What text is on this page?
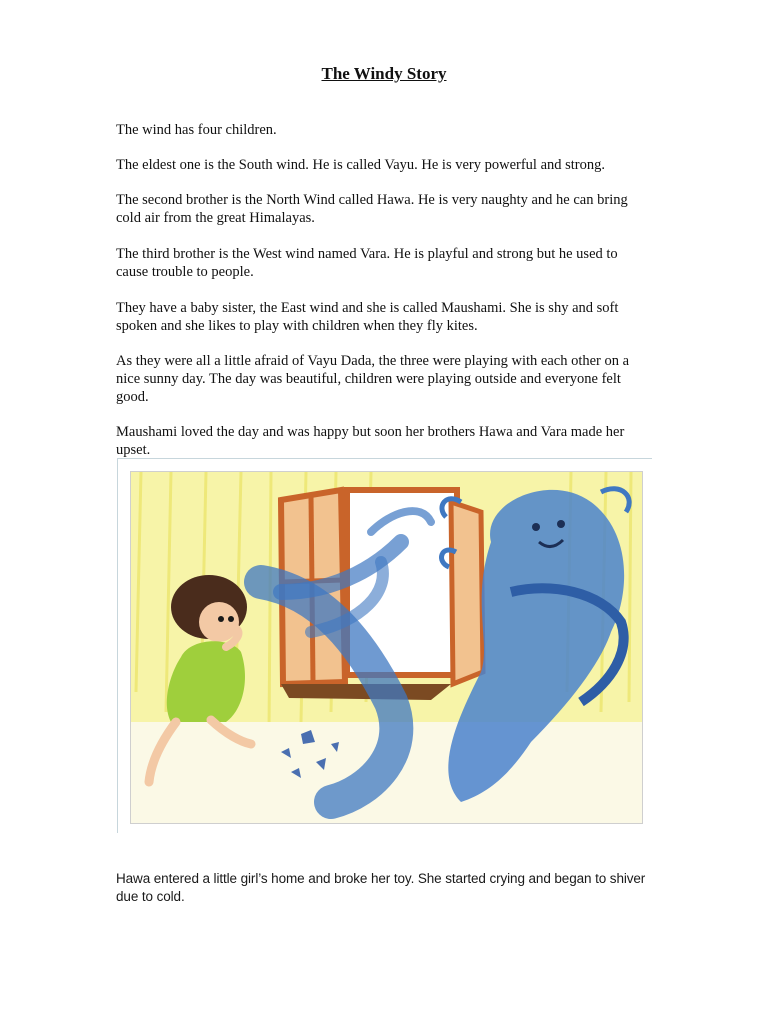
The Windy Story

The wind has four children.

The eldest one is the South wind. He is called Vayu. He is very powerful and strong.

The second brother is the North Wind called Hawa. He is very naughty and he can bring cold air from the great Himalayas.

The third brother is the West wind named Vara. He is playful and strong but he used to cause trouble to people.

They have a baby sister, the East wind and she is called Maushami. She is shy and soft spoken and she likes to play with children when they fly kites.

As they were all a little afraid of Vayu Dada, the three were playing with each other on a nice sunny day. The day was beautiful, children were playing outside and everyone felt good.

Maushami loved the day and was happy but soon her brothers Hawa and Vara made her upset.

Hawa entered a little girl’s home and broke her toy. She started crying and began to shiver due to cold.
